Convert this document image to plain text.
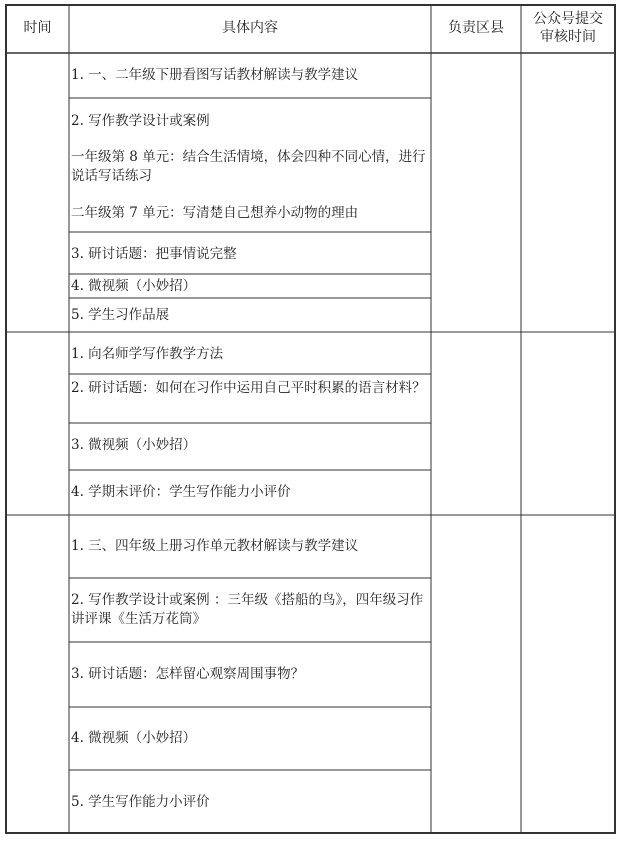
时间	具体内容	负责区县
公众号提交
审核时间
1. 一、二年级下册看图写话教材解读与教学建议
2. 写作教学设计或案例
一年级第 8 单元：结合生活情境，体会四种不同心情，进行说话写话练习
二年级第 7 单元：写清楚自己想养小动物的理由
3. 研讨话题：把事情说完整
4. 微视频（小妙招）
5. 学生习作品展
1. 向名师学写作教学方法
2. 研讨话题：如何在习作中运用自己平时积累的语言材料？
3. 微视频（小妙招）
4. 学期末评价：学生写作能力小评价
1. 三、四年级上册习作单元教材解读与教学建议
2. 写作教学设计或案例 ：三年级《搭船的鸟》，四年级习作讲评课《生活万花筒》
3. 研讨话题：怎样留心观察周围事物？
4. 微视频（小妙招）
5. 学生写作能力小评价
